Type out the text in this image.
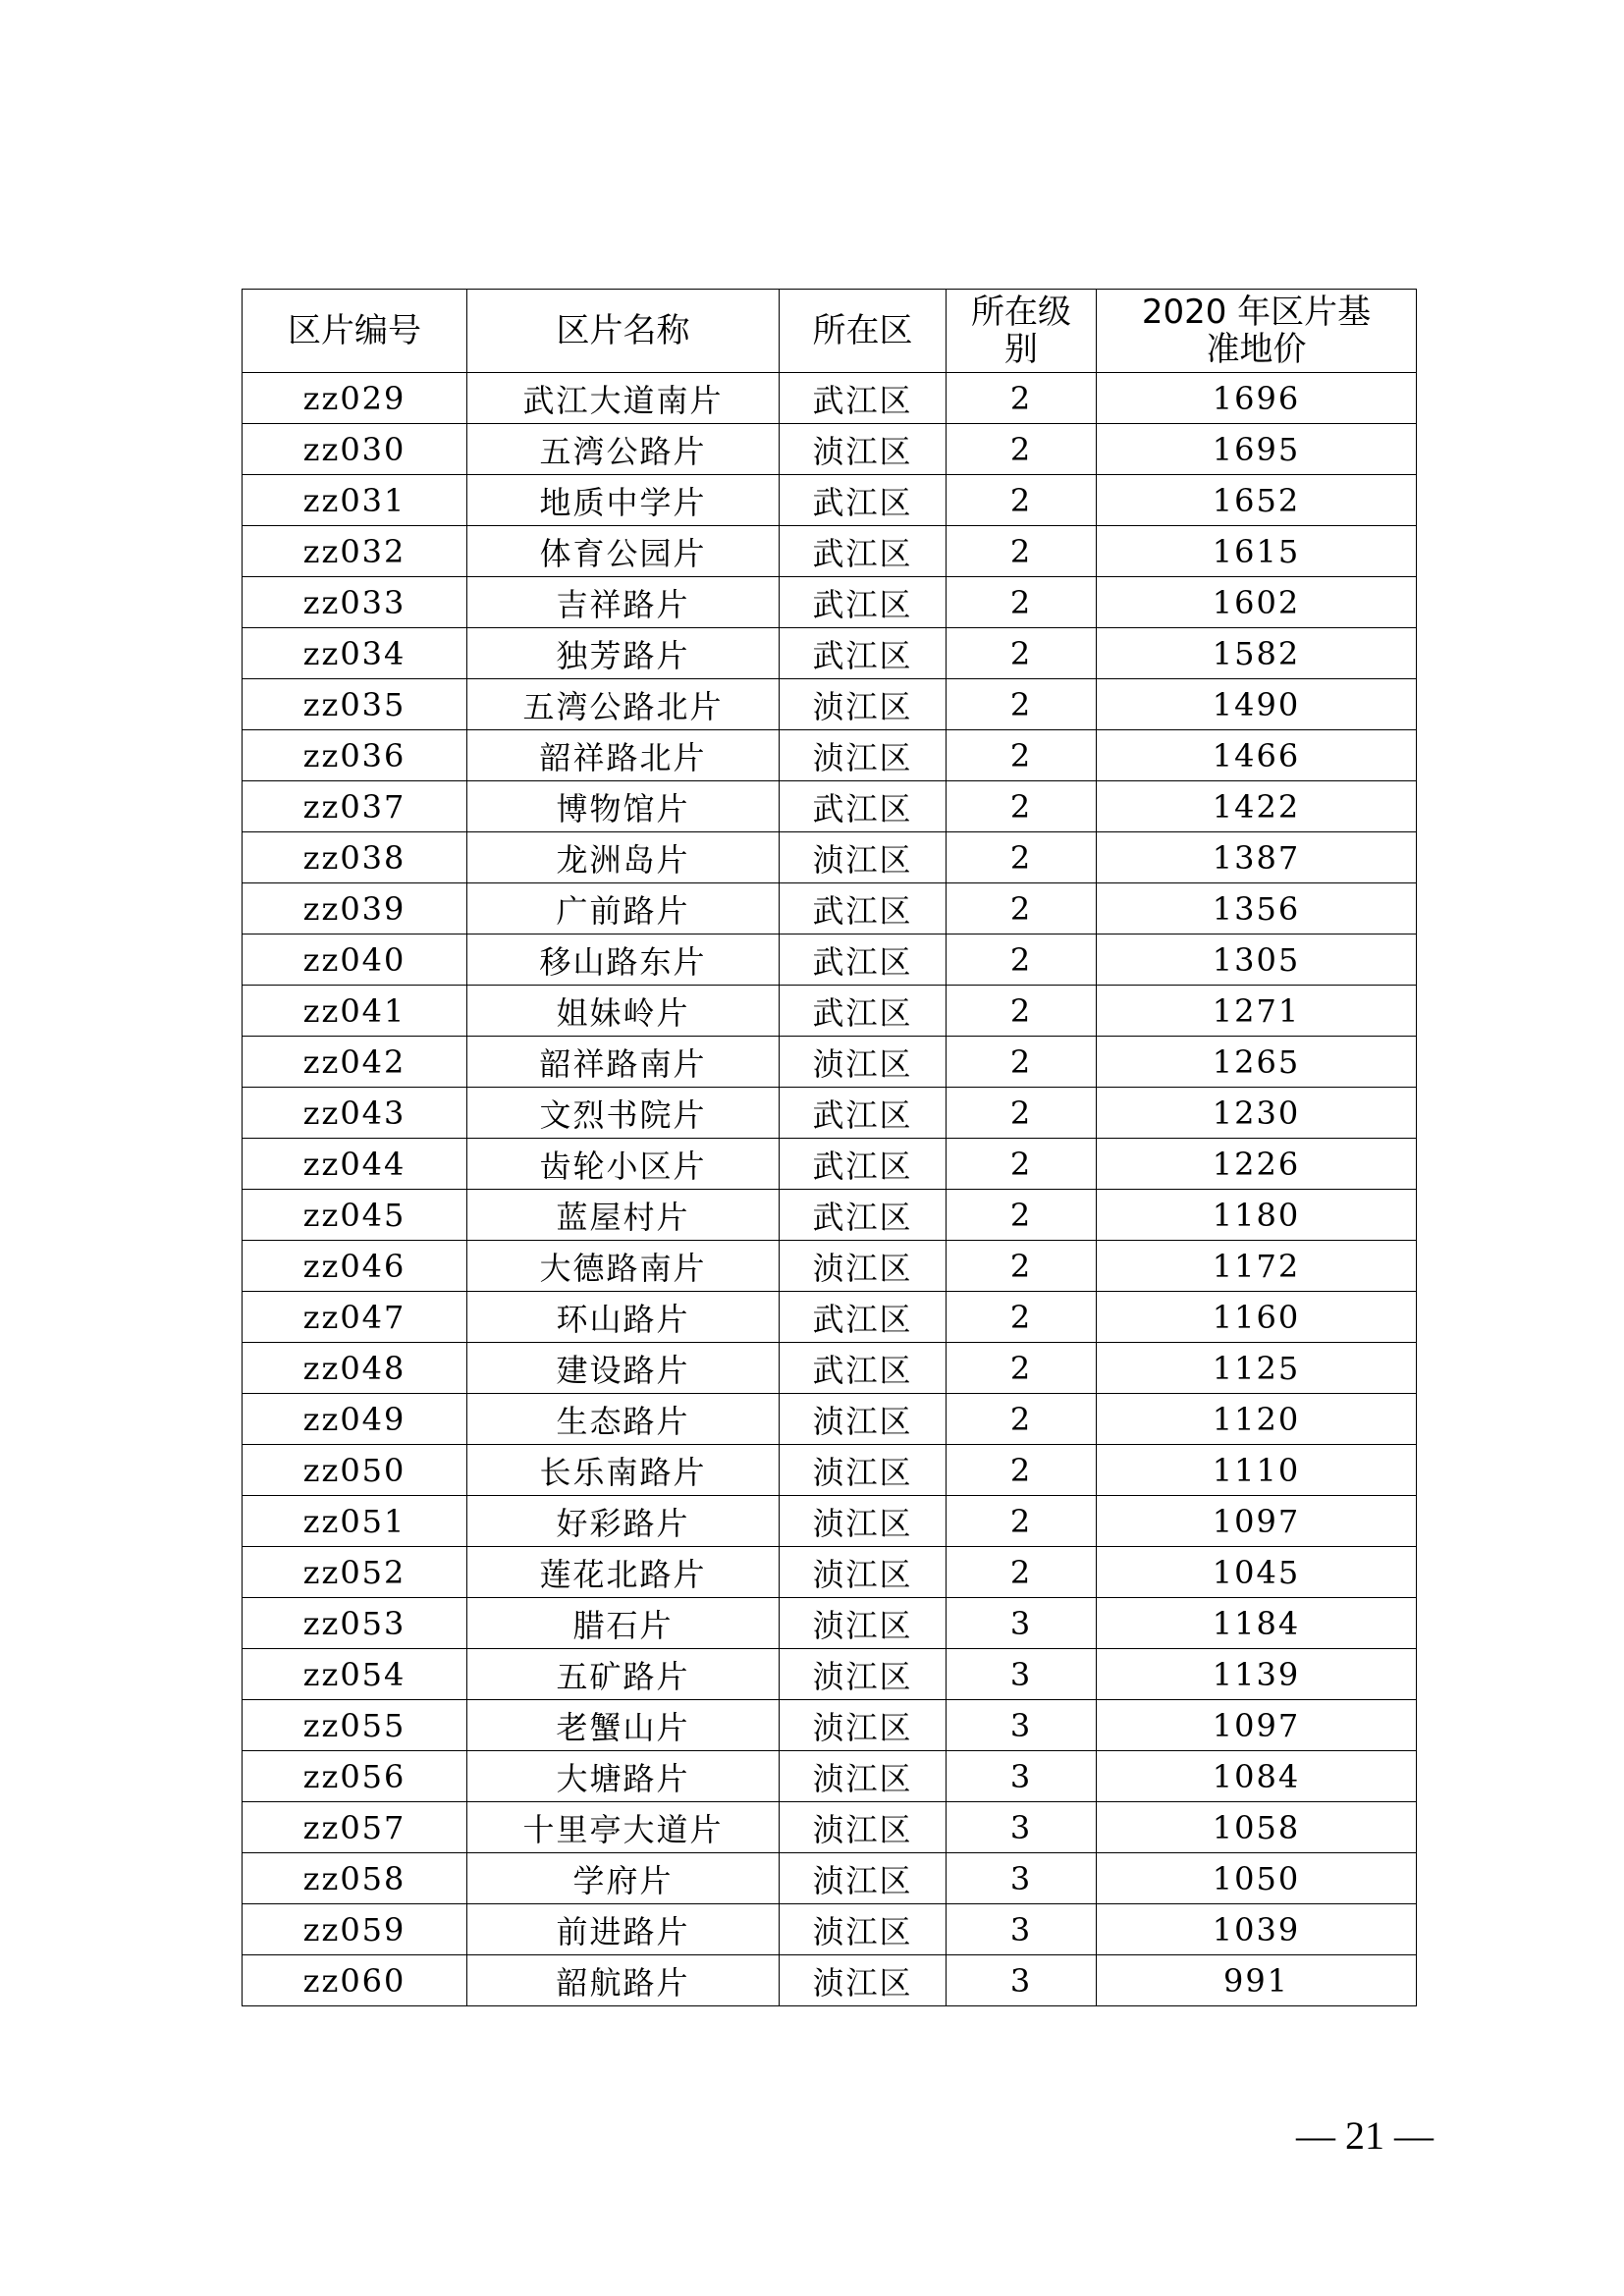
区片编号	区片名称	所在区	所在级别	2020 年区片基准地价
zz029	武江大道南片	武江区	2	1696
zz030	五湾公路片	浈江区	2	1695
zz031	地质中学片	武江区	2	1652
zz032	体育公园片	武江区	2	1615
zz033	吉祥路片	武江区	2	1602
zz034	独芳路片	武江区	2	1582
zz035	五湾公路北片	浈江区	2	1490
zz036	韶祥路北片	浈江区	2	1466
zz037	博物馆片	武江区	2	1422
zz038	龙洲岛片	浈江区	2	1387
zz039	广前路片	武江区	2	1356
zz040	移山路东片	武江区	2	1305
zz041	姐妹岭片	武江区	2	1271
zz042	韶祥路南片	浈江区	2	1265
zz043	文烈书院片	武江区	2	1230
zz044	齿轮小区片	武江区	2	1226
zz045	蓝屋村片	武江区	2	1180
zz046	大德路南片	浈江区	2	1172
zz047	环山路片	武江区	2	1160
zz048	建设路片	武江区	2	1125
zz049	生态路片	浈江区	2	1120
zz050	长乐南路片	浈江区	2	1110
zz051	好彩路片	浈江区	2	1097
zz052	莲花北路片	浈江区	2	1045
zz053	腊石片	浈江区	3	1184
zz054	五矿路片	浈江区	3	1139
zz055	老蟹山片	浈江区	3	1097
zz056	大塘路片	浈江区	3	1084
zz057	十里亭大道片	浈江区	3	1058
zz058	学府片	浈江区	3	1050
zz059	前进路片	浈江区	3	1039
zz060	韶航路片	浈江区	3	991
— 21 —
